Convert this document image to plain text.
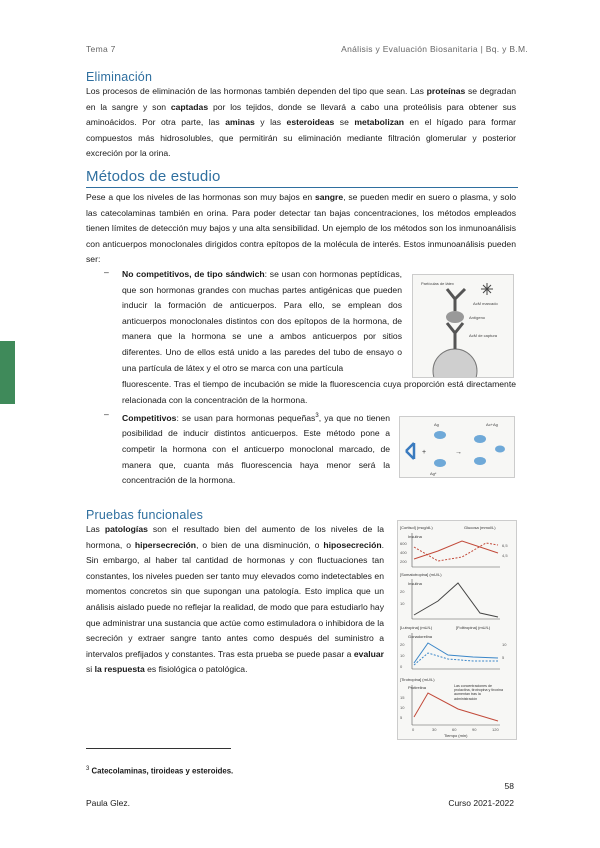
Tema 7	Análisis y Evaluación Biosanitaria | Bq. y B.M.
Eliminación
Los procesos de eliminación de las hormonas también dependen del tipo que sean. Las proteínas se degradan en la sangre y son captadas por los tejidos, donde se llevará a cabo una proteólisis para obtener sus aminoácidos. Por otra parte, las aminas y las esteroideas se metabolizan en el hígado para formar compuestos más hidrosolubles, que permitirán su eliminación mediante filtración glomerular y posterior excreción por la orina.
Métodos de estudio
Pese a que los niveles de las hormonas son muy bajos en sangre, se pueden medir en suero o plasma, y solo las catecolaminas también en orina. Para poder detectar tan bajas concentraciones, los métodos empleados tienen límites de detección muy bajos y una alta sensibilidad. Un ejemplo de los métodos son los inmunoanálisis con anticuerpos monoclonales dirigidos contra epítopos de la molécula de interés. Estos inmunoanálisis pueden ser:
– No competitivos, de tipo sándwich: se usan con hormonas peptídicas, que son hormonas grandes con muchas partes antigénicas que pueden inducir la formación de anticuerpos. Para ello, se emplean dos anticuerpos monoclonales distintos con dos epítopos de la hormona, de manera que la hormona se une a ambos anticuerpos por sitios diferentes. Uno de ellos está unido a las paredes del tubo de ensayo o una partícula de látex y el otro se marca con una partícula
fluorescente. Tras el tiempo de incubación se mide la fluorescencia cuya proporción está directamente relacionada con la concentración de la hormona.
Partículas de látex
AcM marcado
Antígeno
AcM de captura
– Competitivos: se usan para hormonas pequeñas$^3$, ya que no tienen posibilidad de inducir distintos anticuerpos. Este método pone a competir la hormona con el anticuerpo monoclonal marcado, de manera que, cuanta más fluorescencia haya menor será la concentración de la hormona.
+	→
Ag
Ag*
Ac+Ag
Pruebas funcionales
Las patologías son el resultado bien del aumento de los niveles de la hormona, o hipersecreción, o bien de una disminución, o hiposecreción. Sin embargo, al haber tal cantidad de hormonas y con fluctuaciones tan constantes, los niveles pueden ser tanto muy elevados como indetectables en momentos concretos sin que supongan una patología. Esto implica que un análisis aislado puede no reflejar la realidad, de modo que para estudiarlo hay que administrar una sustancia que actúe como estimuladora o inhibidora de la secreción y extraer sangre tanto antes como después del suministro a intervalos prefijados y constantes. Tras esta prueba se puede pasar a evaluar si la respuesta es fisiológica o patológica.
[Cortisol] (mcg/dL)	Glucosa (mmol/L)
Insulina
600
400
200
6,5
4,5
[Somatotropina] (mU/L)
Insulina
20
10
[Lutropina] (mU/L)	[Folitropina] (mU/L)
Gonadorelina
20
10
0
10
5
[Tirotropina] (mU/L)
Protirelina	Las concentraciones de prolactina, tirotropina y tiroxina aumentan tras la administración
15
10
5
0	30	60	90	120
Tiempo (min)
$^3$ Catecolaminas, tiroideas y esteroides.
58
Paula Glez.	Curso 2021-2022
